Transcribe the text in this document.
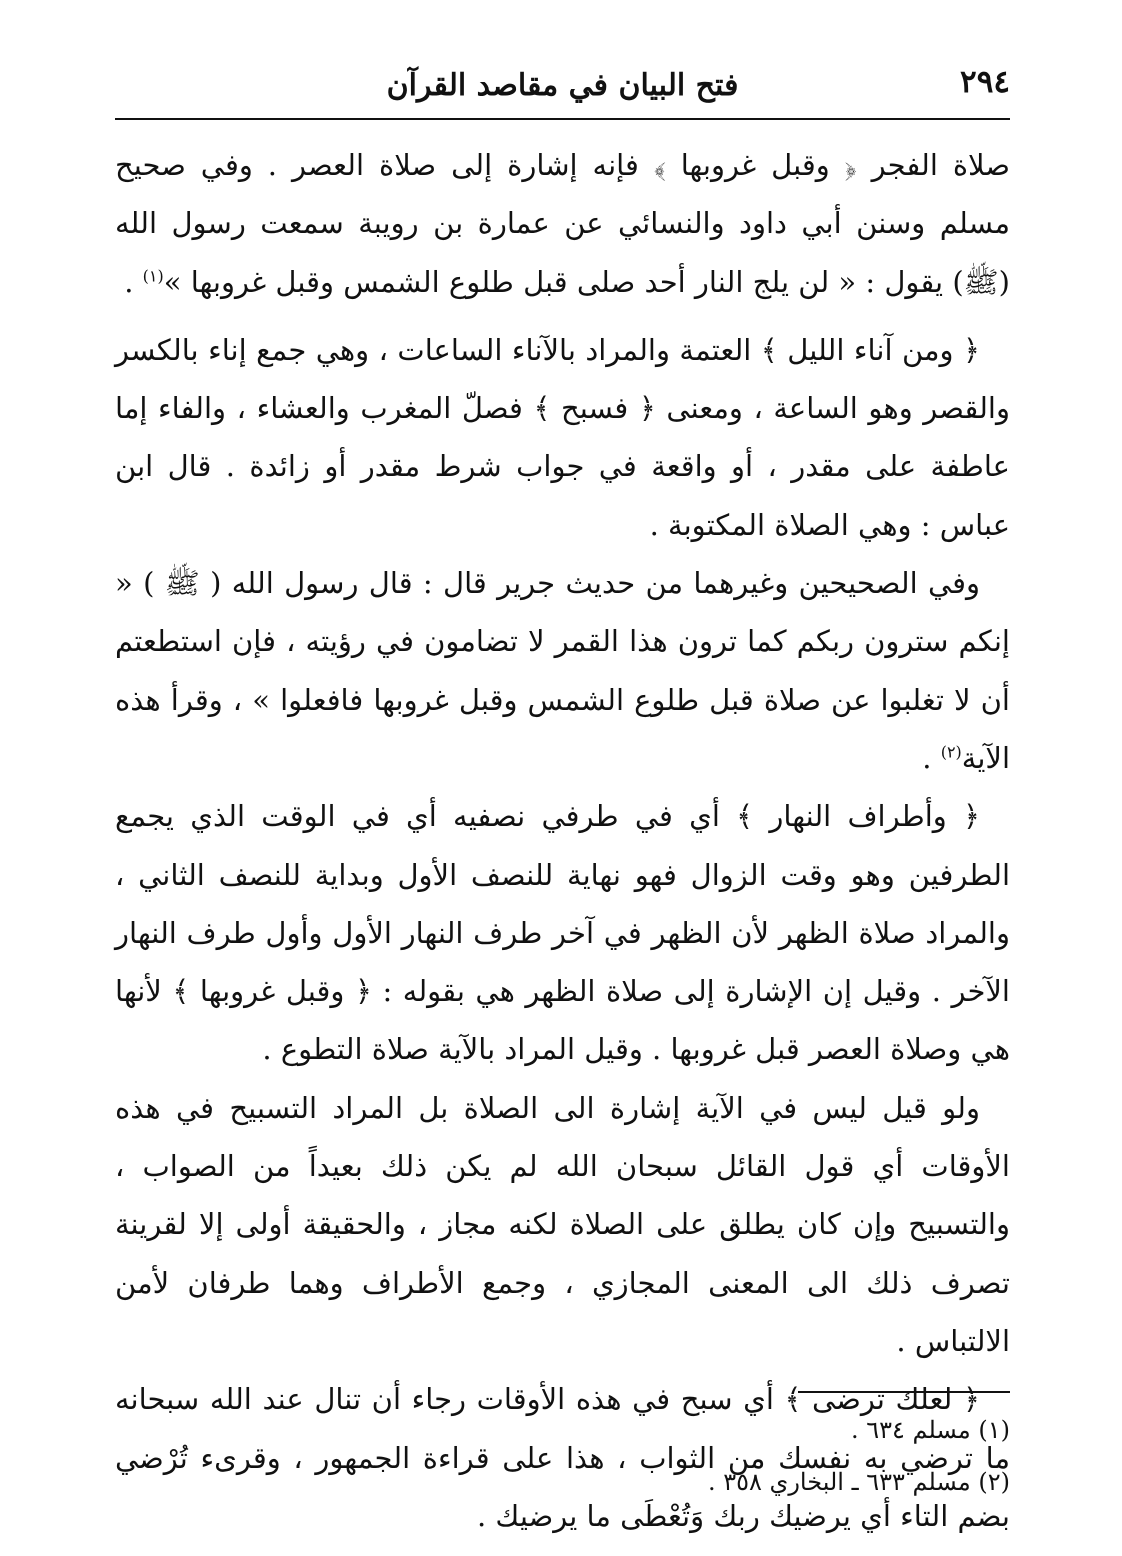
٢٩٤
فتح البيان في مقاصد القرآن

صلاة الفجر ﴿ وقبل غروبها ﴾ فإنه إشارة إلى صلاة العصر . وفي صحيح مسلم وسنن أبي داود والنسائي عن عمارة بن رويبة سمعت رسول الله (ﷺ) يقول : « لن يلج النار أحد صلى قبل طلوع الشمس وقبل غروبها »$^{(١)}$ .

﴿ ومن آناء الليل ﴾ العتمة والمراد بالآناء الساعات ، وهي جمع إناء بالكسر والقصر وهو الساعة ، ومعنى ﴿ فسبح ﴾ فصلّ المغرب والعشاء ، والفاء إما عاطفة على مقدر ، أو واقعة في جواب شرط مقدر أو زائدة . قال ابن عباس : وهي الصلاة المكتوبة .

وفي الصحيحين وغيرهما من حديث جرير قال : قال رسول الله ( ﷺ ) « إنكم سترون ربكم كما ترون هذا القمر لا تضامون في رؤيته ، فإن استطعتم أن لا تغلبوا عن صلاة قبل طلوع الشمس وقبل غروبها فافعلوا » ، وقرأ هذه الآية$^{(٢)}$ .

﴿ وأطراف النهار ﴾ أي في طرفي نصفيه أي في الوقت الذي يجمع الطرفين وهو وقت الزوال فهو نهاية للنصف الأول وبداية للنصف الثاني ، والمراد صلاة الظهر لأن الظهر في آخر طرف النهار الأول وأول طرف النهار الآخر . وقيل إن الإشارة إلى صلاة الظهر هي بقوله : ﴿ وقبل غروبها ﴾ لأنها هي وصلاة العصر قبل غروبها . وقيل المراد بالآية صلاة التطوع .

ولو قيل ليس في الآية إشارة الى الصلاة بل المراد التسبيح في هذه الأوقات أي قول القائل سبحان الله لم يكن ذلك بعيداً من الصواب ، والتسبيح وإن كان يطلق على الصلاة لكنه مجاز ، والحقيقة أولى إلا لقرينة تصرف ذلك الى المعنى المجازي ، وجمع الأطراف وهما طرفان لأمن الالتباس .

﴿ لعلك ترضى ﴾ أي سبح في هذه الأوقات رجاء أن تنال عند الله سبحانه ما ترضي به نفسك من الثواب ، هذا على قراءة الجمهور ، وقرىء تُرْضي بضم التاء أي يرضيك ربك وَتُعْطَى ما يرضيك .

(١) مسلم ٦٣٤ .

(٢) مسلم ٦٣٣ ـ البخاري ٣٥٨ .
